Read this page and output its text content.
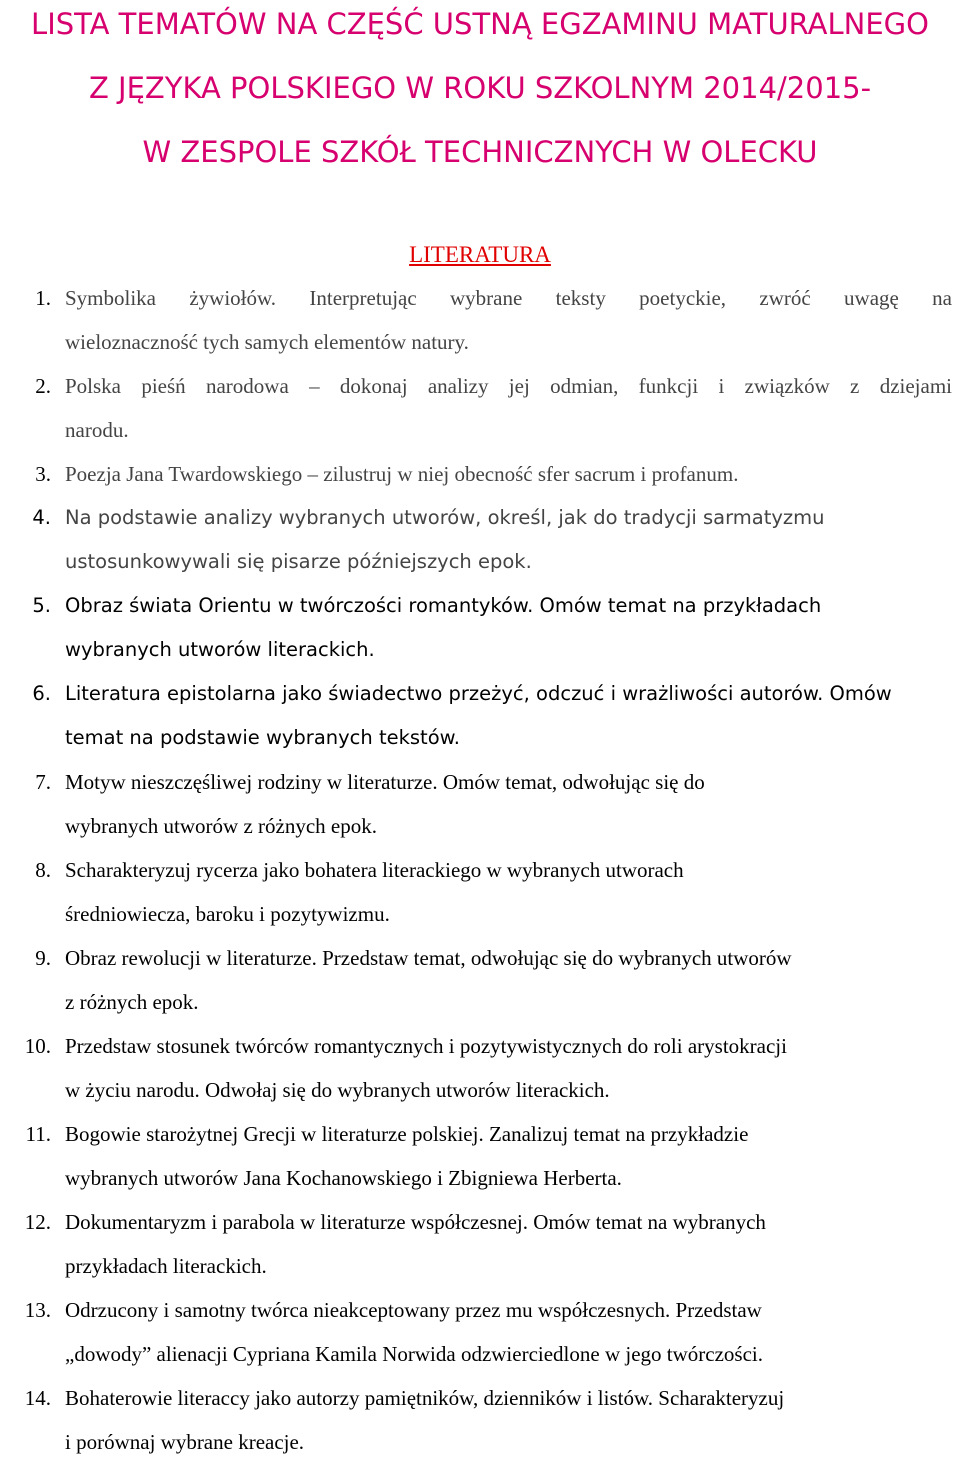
LISTA TEMATÓW NA CZĘŚĆ USTNĄ EGZAMINU MATURALNEGO
Z JĘZYKA POLSKIEGO W ROKU SZKOLNYM 2014/2015-
W ZESPOLE SZKÓŁ TECHNICZNYCH W OLECKU
LITERATURA
1. Symbolika żywiołów. Interpretując wybrane teksty poetyckie, zwróć uwagę na
wieloznaczność tych samych elementów natury.
2. Polska pieśń narodowa – dokonaj analizy jej odmian, funkcji i związków z dziejami
narodu.
3. Poezja Jana Twardowskiego – zilustruj w niej obecność sfer sacrum i profanum.
4. Na podstawie analizy wybranych utworów, określ, jak do tradycji sarmatyzmu
ustosunkowywali się pisarze późniejszych epok.
5. Obraz świata Orientu w twórczości romantyków. Omów temat na przykładach
wybranych utworów literackich.
6. Literatura epistolarna jako świadectwo przeżyć, odczuć i wrażliwości autorów. Omów
temat na podstawie wybranych tekstów.
7. Motyw nieszczęśliwej rodziny w literaturze. Omów temat, odwołując się do
wybranych utworów z różnych epok.
8. Scharakteryzuj rycerza jako bohatera literackiego w wybranych utworach
średniowiecza, baroku i pozytywizmu.
9. Obraz rewolucji w literaturze. Przedstaw temat, odwołując się do wybranych utworów
z różnych epok.
10. Przedstaw stosunek twórców romantycznych i pozytywistycznych do roli arystokracji
w życiu narodu. Odwołaj się do wybranych utworów literackich.
11. Bogowie starożytnej Grecji w literaturze polskiej. Zanalizuj temat na przykładzie
wybranych utworów Jana Kochanowskiego i Zbigniewa Herberta.
12. Dokumentaryzm i parabola w literaturze współczesnej. Omów temat na wybranych
przykładach literackich.
13. Odrzucony i samotny twórca nieakceptowany przez mu współczesnych. Przedstaw
„dowody” alienacji Cypriana Kamila Norwida odzwierciedlone w jego twórczości.
14. Bohaterowie literaccy jako autorzy pamiętników, dzienników i listów. Scharakteryzuj
i porównaj wybrane kreacje.
